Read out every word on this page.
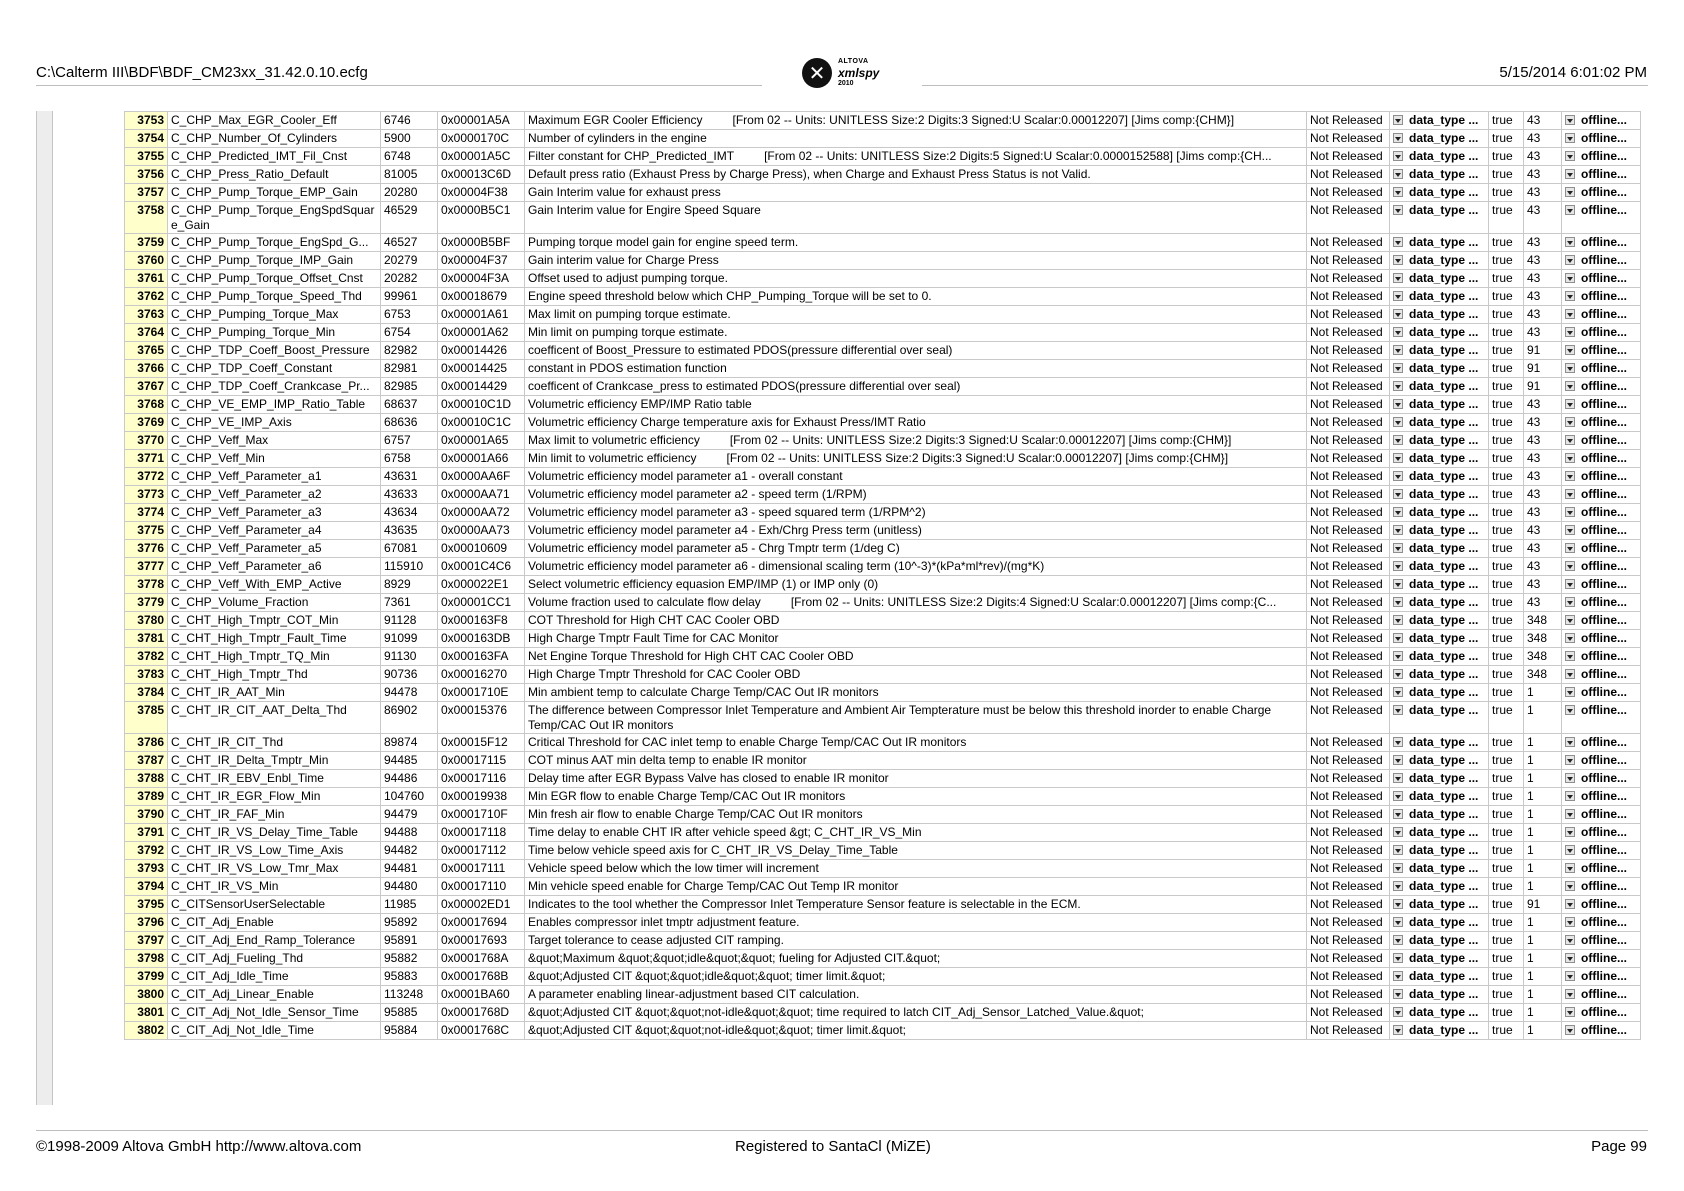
C:\Calterm III\BDF\BDF_CM23xx_31.42.0.10.ecfg	✕	ALTOVA
xmlspy
2010
5/15/2014 6:01:02 PM
3753	C_CHP_Max_EGR_Cooler_Eff	6746	0x00001A5A	Maximum EGR Cooler Efficiency [From 02 -- Units: UNITLESS Size:2 Digits:3 Signed:U Scalar:0.00012207] [Jims comp:{CHM}]	Not Released	data_type ...	true	43	offline...
3754	C_CHP_Number_Of_Cylinders	5900	0x0000170C	Number of cylinders in the engine	Not Released	data_type ...	true	43	offline...
3755	C_CHP_Predicted_IMT_Fil_Cnst	6748	0x00001A5C	Filter constant for CHP_Predicted_IMT [From 02 -- Units: UNITLESS Size:2 Digits:5 Signed:U Scalar:0.0000152588] [Jims comp:{CH...	Not Released	data_type ...	true	43	offline...
3756	C_CHP_Press_Ratio_Default	81005	0x00013C6D	Default press ratio (Exhaust Press by Charge Press), when Charge and Exhaust Press Status is not Valid.	Not Released	data_type ...	true	43	offline...
3757	C_CHP_Pump_Torque_EMP_Gain	20280	0x00004F38	Gain Interim value for exhaust press	Not Released	data_type ...	true	43	offline...
3758	C_CHP_Pump_Torque_EngSpdSquare_Gain	46529	0x0000B5C1	Gain Interim value for Engire Speed Square	Not Released	data_type ...	true	43	offline...
3759	C_CHP_Pump_Torque_EngSpd_G...	46527	0x0000B5BF	Pumping torque model gain for engine speed term.	Not Released	data_type ...	true	43	offline...
3760	C_CHP_Pump_Torque_IMP_Gain	20279	0x00004F37	Gain interim value for Charge Press	Not Released	data_type ...	true	43	offline...
3761	C_CHP_Pump_Torque_Offset_Cnst	20282	0x00004F3A	Offset used to adjust pumping torque.	Not Released	data_type ...	true	43	offline...
3762	C_CHP_Pump_Torque_Speed_Thd	99961	0x00018679	Engine speed threshold below which CHP_Pumping_Torque will be set to 0.	Not Released	data_type ...	true	43	offline...
3763	C_CHP_Pumping_Torque_Max	6753	0x00001A61	Max limit on pumping torque estimate.	Not Released	data_type ...	true	43	offline...
3764	C_CHP_Pumping_Torque_Min	6754	0x00001A62	Min limit on pumping torque estimate.	Not Released	data_type ...	true	43	offline...
3765	C_CHP_TDP_Coeff_Boost_Pressure	82982	0x00014426	coefficent of Boost_Pressure to estimated PDOS(pressure differential over seal)	Not Released	data_type ...	true	91	offline...
3766	C_CHP_TDP_Coeff_Constant	82981	0x00014425	constant in PDOS estimation function	Not Released	data_type ...	true	91	offline...
3767	C_CHP_TDP_Coeff_Crankcase_Pr...	82985	0x00014429	coefficent of Crankcase_press to estimated PDOS(pressure differential over seal)	Not Released	data_type ...	true	91	offline...
3768	C_CHP_VE_EMP_IMP_Ratio_Table	68637	0x00010C1D	Volumetric efficiency EMP/IMP Ratio table	Not Released	data_type ...	true	43	offline...
3769	C_CHP_VE_IMP_Axis	68636	0x00010C1C	Volumetric efficiency Charge temperature axis for Exhaust Press/IMT Ratio	Not Released	data_type ...	true	43	offline...
3770	C_CHP_Veff_Max	6757	0x00001A65	Max limit to volumetric efficiency [From 02 -- Units: UNITLESS Size:2 Digits:3 Signed:U Scalar:0.00012207] [Jims comp:{CHM}]	Not Released	data_type ...	true	43	offline...
3771	C_CHP_Veff_Min	6758	0x00001A66	Min limit to volumetric efficiency [From 02 -- Units: UNITLESS Size:2 Digits:3 Signed:U Scalar:0.00012207] [Jims comp:{CHM}]	Not Released	data_type ...	true	43	offline...
3772	C_CHP_Veff_Parameter_a1	43631	0x0000AA6F	Volumetric efficiency model parameter a1 - overall constant	Not Released	data_type ...	true	43	offline...
3773	C_CHP_Veff_Parameter_a2	43633	0x0000AA71	Volumetric efficiency model parameter a2 - speed term (1/RPM)	Not Released	data_type ...	true	43	offline...
3774	C_CHP_Veff_Parameter_a3	43634	0x0000AA72	Volumetric efficiency model parameter a3 - speed squared term (1/RPM^2)	Not Released	data_type ...	true	43	offline...
3775	C_CHP_Veff_Parameter_a4	43635	0x0000AA73	Volumetric efficiency model parameter a4 - Exh/Chrg Press term (unitless)	Not Released	data_type ...	true	43	offline...
3776	C_CHP_Veff_Parameter_a5	67081	0x00010609	Volumetric efficiency model parameter a5 - Chrg Tmptr term (1/deg C)	Not Released	data_type ...	true	43	offline...
3777	C_CHP_Veff_Parameter_a6	115910	0x0001C4C6	Volumetric efficiency model parameter a6 - dimensional scaling term (10^-3)*(kPa*ml*rev)/(mg*K)	Not Released	data_type ...	true	43	offline...
3778	C_CHP_Veff_With_EMP_Active	8929	0x000022E1	Select volumetric efficiency equasion EMP/IMP (1) or IMP only (0)	Not Released	data_type ...	true	43	offline...
3779	C_CHP_Volume_Fraction	7361	0x00001CC1	Volume fraction used to calculate flow delay [From 02 -- Units: UNITLESS Size:2 Digits:4 Signed:U Scalar:0.00012207] [Jims comp:{C...	Not Released	data_type ...	true	43	offline...
3780	C_CHT_High_Tmptr_COT_Min	91128	0x000163F8	COT Threshold for High CHT CAC Cooler OBD	Not Released	data_type ...	true	348	offline...
3781	C_CHT_High_Tmptr_Fault_Time	91099	0x000163DB	High Charge Tmptr Fault Time for CAC Monitor	Not Released	data_type ...	true	348	offline...
3782	C_CHT_High_Tmptr_TQ_Min	91130	0x000163FA	Net Engine Torque Threshold for High CHT CAC Cooler OBD	Not Released	data_type ...	true	348	offline...
3783	C_CHT_High_Tmptr_Thd	90736	0x00016270	High Charge Tmptr Threshold for CAC Cooler OBD	Not Released	data_type ...	true	348	offline...
3784	C_CHT_IR_AAT_Min	94478	0x0001710E	Min ambient temp to calculate Charge Temp/CAC Out IR monitors	Not Released	data_type ...	true	1	offline...
3785	C_CHT_IR_CIT_AAT_Delta_Thd	86902	0x00015376	The difference between Compressor Inlet Temperature and Ambient Air Tempterature must be below this threshold inorder to enable Charge Temp/CAC Out IR monitors	Not Released	data_type ...	true	1	offline...
3786	C_CHT_IR_CIT_Thd	89874	0x00015F12	Critical Threshold for CAC inlet temp to enable Charge Temp/CAC Out IR monitors	Not Released	data_type ...	true	1	offline...
3787	C_CHT_IR_Delta_Tmptr_Min	94485	0x00017115	COT minus AAT min delta temp to enable IR monitor	Not Released	data_type ...	true	1	offline...
3788	C_CHT_IR_EBV_Enbl_Time	94486	0x00017116	Delay time after EGR Bypass Valve has closed to enable IR monitor	Not Released	data_type ...	true	1	offline...
3789	C_CHT_IR_EGR_Flow_Min	104760	0x00019938	Min EGR flow to enable Charge Temp/CAC Out IR monitors	Not Released	data_type ...	true	1	offline...
3790	C_CHT_IR_FAF_Min	94479	0x0001710F	Min fresh air flow to enable Charge Temp/CAC Out IR monitors	Not Released	data_type ...	true	1	offline...
3791	C_CHT_IR_VS_Delay_Time_Table	94488	0x00017118	Time delay to enable CHT IR after vehicle speed &gt; C_CHT_IR_VS_Min	Not Released	data_type ...	true	1	offline...
3792	C_CHT_IR_VS_Low_Time_Axis	94482	0x00017112	Time below vehicle speed axis for C_CHT_IR_VS_Delay_Time_Table	Not Released	data_type ...	true	1	offline...
3793	C_CHT_IR_VS_Low_Tmr_Max	94481	0x00017111	Vehicle speed below which the low timer will increment	Not Released	data_type ...	true	1	offline...
3794	C_CHT_IR_VS_Min	94480	0x00017110	Min vehicle speed enable for Charge Temp/CAC Out Temp IR monitor	Not Released	data_type ...	true	1	offline...
3795	C_CITSensorUserSelectable	11985	0x00002ED1	Indicates to the tool whether the Compressor Inlet Temperature Sensor feature is selectable in the ECM.	Not Released	data_type ...	true	91	offline...
3796	C_CIT_Adj_Enable	95892	0x00017694	Enables compressor inlet tmptr adjustment feature.	Not Released	data_type ...	true	1	offline...
3797	C_CIT_Adj_End_Ramp_Tolerance	95891	0x00017693	Target tolerance to cease adjusted CIT ramping.	Not Released	data_type ...	true	1	offline...
3798	C_CIT_Adj_Fueling_Thd	95882	0x0001768A	&quot;Maximum &quot;&quot;idle&quot;&quot; fueling for Adjusted CIT.&quot;	Not Released	data_type ...	true	1	offline...
3799	C_CIT_Adj_Idle_Time	95883	0x0001768B	&quot;Adjusted CIT &quot;&quot;idle&quot;&quot; timer limit.&quot;	Not Released	data_type ...	true	1	offline...
3800	C_CIT_Adj_Linear_Enable	113248	0x0001BA60	A parameter enabling linear-adjustment based CIT calculation.	Not Released	data_type ...	true	1	offline...
3801	C_CIT_Adj_Not_Idle_Sensor_Time	95885	0x0001768D	&quot;Adjusted CIT &quot;&quot;not-idle&quot;&quot; time required to latch CIT_Adj_Sensor_Latched_Value.&quot;	Not Released	data_type ...	true	1	offline...
3802	C_CIT_Adj_Not_Idle_Time	95884	0x0001768C	&quot;Adjusted CIT &quot;&quot;not-idle&quot;&quot; timer limit.&quot;	Not Released	data_type ...	true	1	offline...
©1998-2009 Altova GmbH http://www.altova.com	Registered to SantaCl (MiZE)	Page 99
